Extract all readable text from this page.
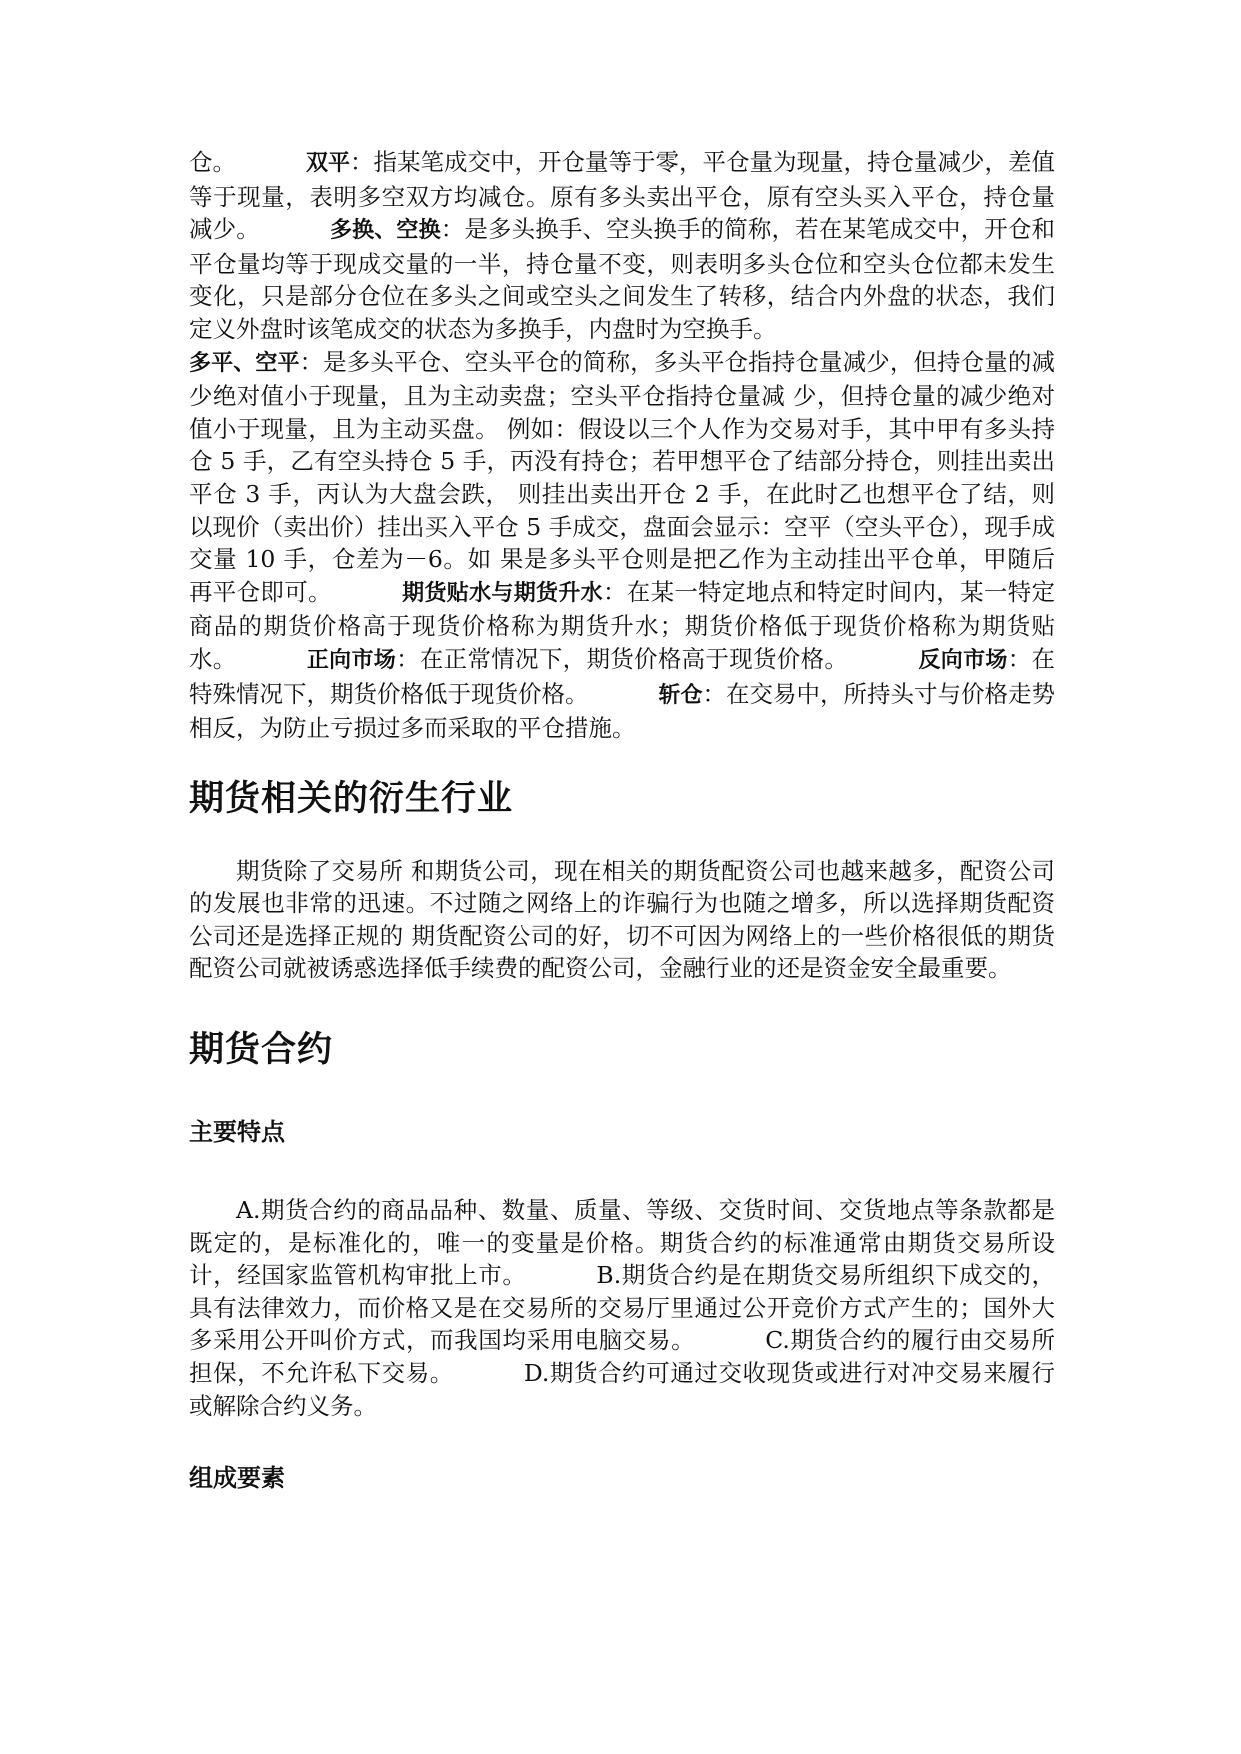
仓。	双平：指某笔成交中，开仓量等于零，平仓量为现量，持仓量减少，差值等于现量，表明多空双方均减仓。原有多头卖出平仓，原有空头买入平仓，持仓量减少。	多换、空换：是多头换手、空头换手的简称，若在某笔成交中，开仓和平仓量均等于现成交量的一半，持仓量不变，则表明多头仓位和空头仓位都未发生变化，只是部分仓位在多头之间或空头之间发生了转移，结合内外盘的状态，我们定义外盘时该笔成交的状态为多换手，内盘时为空换手。

多平、空平：是多头平仓、空头平仓的简称，多头平仓指持仓量减少，但持仓量的减少绝对值小于现量，且为主动卖盘；空头平仓指持仓量减 少，但持仓量的减少绝对值小于现量，且为主动买盘。 例如：假设以三个人作为交易对手，其中甲有多头持仓 5 手，乙有空头持仓 5 手，丙没有持仓；若甲想平仓了结部分持仓，则挂出卖出平仓 3 手，丙认为大盘会跌， 则挂出卖出开仓 2 手，在此时乙也想平仓了结，则以现价（卖出价）挂出买入平仓 5 手成交，盘面会显示：空平（空头平仓），现手成交量 10 手，仓差为－6。如 果是多头平仓则是把乙作为主动挂出平仓单，甲随后再平仓即可。	期货贴水与期货升水：在某一特定地点和特定时间内，某一特定商品的期货价格高于现货价格称为期货升水；期货价格低于现货价格称为期货贴水。	正向市场：在正常情况下，期货价格高于现货价格。	反向市场：在特殊情况下，期货价格低于现货价格。	斩仓：在交易中，所持头寸与价格走势相反，为防止亏损过多而采取的平仓措施。

期货相关的衍生行业

期货除了交易所 和期货公司，现在相关的期货配资公司也越来越多，配资公司的发展也非常的迅速。不过随之网络上的诈骗行为也随之增多，所以选择期货配资公司还是选择正规的 期货配资公司的好，切不可因为网络上的一些价格很低的期货配资公司就被诱惑选择低手续费的配资公司，金融行业的还是资金安全最重要。

期货合约
主要特点

A.期货合约的商品品种、数量、质量、等级、交货时间、交货地点等条款都是既定的，是标准化的，唯一的变量是价格。期货合约的标准通常由期货交易所设计，经国家监管机构审批上市。	B.期货合约是在期货交易所组织下成交的，具有法律效力，而价格又是在交易所的交易厅里通过公开竞价方式产生的；国外大多采用公开叫价方式，而我国均采用电脑交易。	C.期货合约的履行由交易所担保，不允许私下交易。	D.期货合约可通过交收现货或进行对冲交易来履行或解除合约义务。

组成要素
